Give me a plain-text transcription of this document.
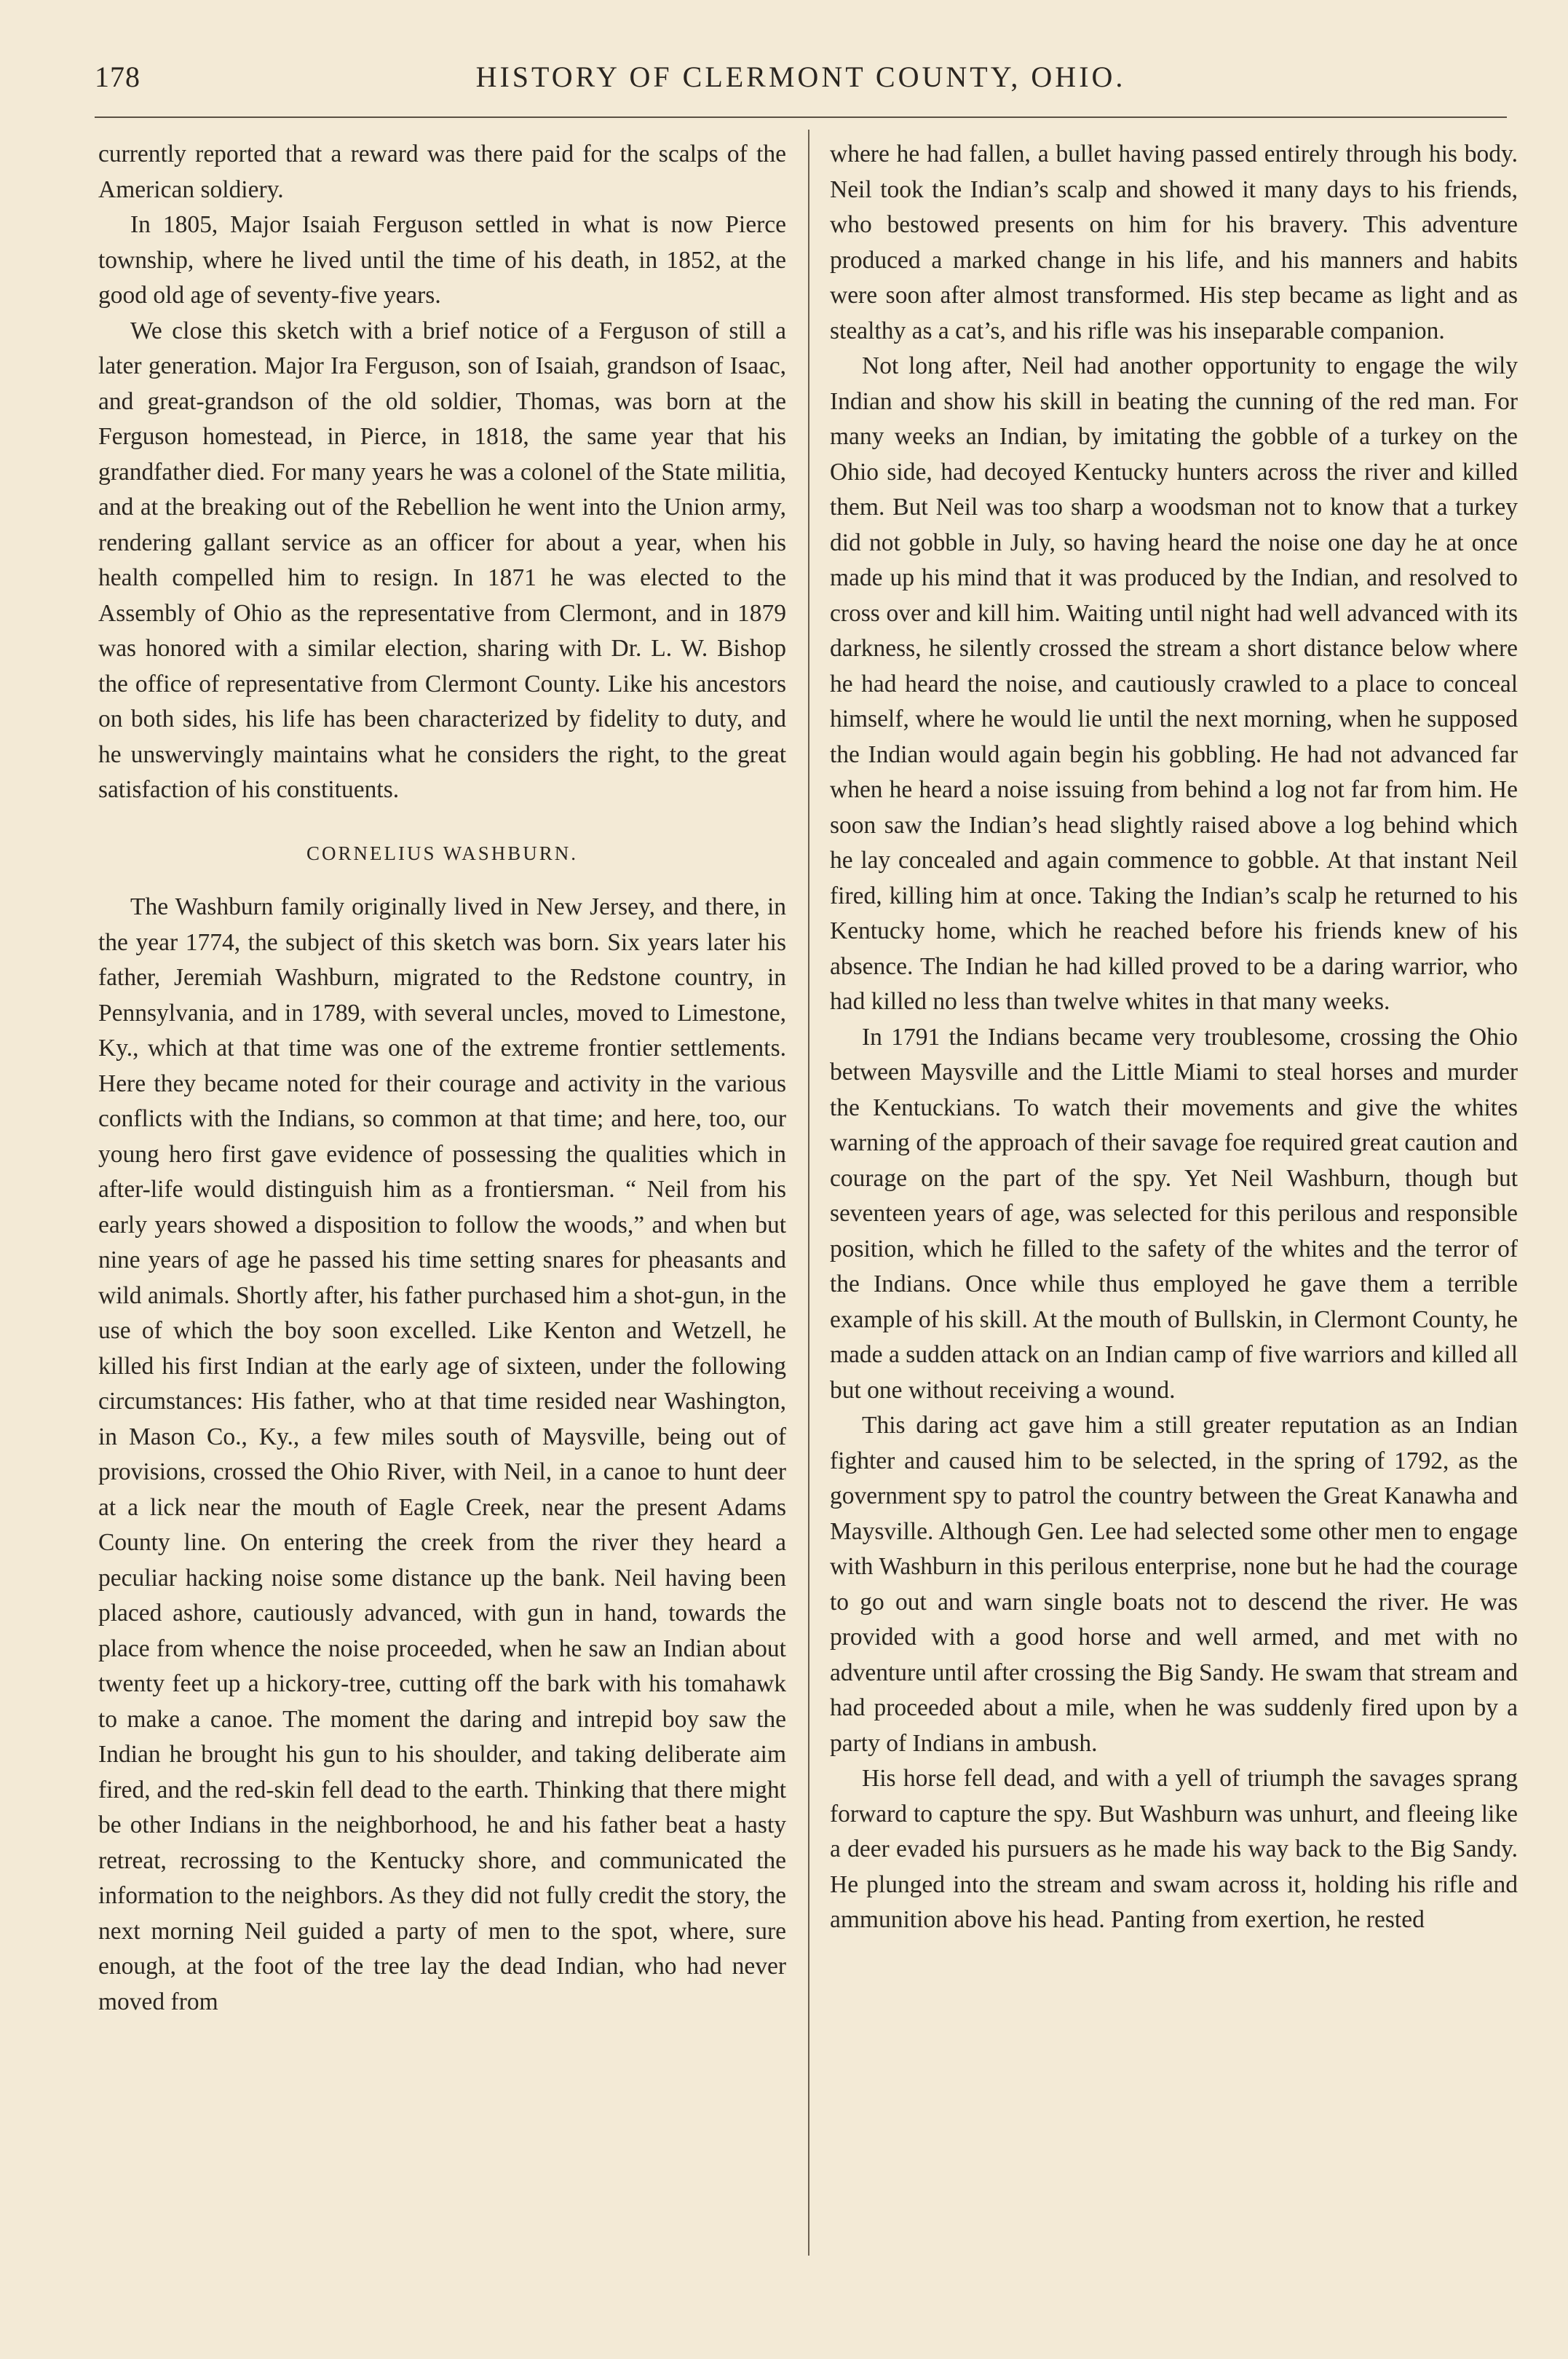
178	HISTORY OF CLERMONT COUNTY, OHIO.

currently reported that a reward was there paid for the scalps of the American soldiery.

In 1805, Major Isaiah Ferguson settled in what is now Pierce township, where he lived until the time of his death, in 1852, at the good old age of seventy-five years.

We close this sketch with a brief notice of a Ferguson of still a later generation. Major Ira Ferguson, son of Isaiah, grandson of Isaac, and great-grandson of the old soldier, Thomas, was born at the Ferguson homestead, in Pierce, in 1818, the same year that his grandfather died. For many years he was a colonel of the State militia, and at the breaking out of the Rebellion he went into the Union army, rendering gallant service as an officer for about a year, when his health compelled him to resign. In 1871 he was elected to the Assembly of Ohio as the representative from Clermont, and in 1879 was honored with a similar election, sharing with Dr. L. W. Bishop the office of representative from Clermont County. Like his ancestors on both sides, his life has been characterized by fidelity to duty, and he unswervingly maintains what he considers the right, to the great satisfaction of his constituents.

CORNELIUS WASHBURN.

The Washburn family originally lived in New Jersey, and there, in the year 1774, the subject of this sketch was born. Six years later his father, Jeremiah Washburn, migrated to the Redstone country, in Pennsylvania, and in 1789, with several uncles, moved to Limestone, Ky., which at that time was one of the extreme frontier settlements. Here they became noted for their courage and activity in the various conflicts with the Indians, so common at that time; and here, too, our young hero first gave evidence of possessing the qualities which in after-life would distinguish him as a frontiersman. “ Neil from his early years showed a disposition to follow the woods,” and when but nine years of age he passed his time setting snares for pheasants and wild animals. Shortly after, his father purchased him a shot-gun, in the use of which the boy soon excelled. Like Kenton and Wetzell, he killed his first Indian at the early age of sixteen, under the following circumstances: His father, who at that time resided near Washington, in Mason Co., Ky., a few miles south of Maysville, being out of provisions, crossed the Ohio River, with Neil, in a canoe to hunt deer at a lick near the mouth of Eagle Creek, near the present Adams County line. On entering the creek from the river they heard a peculiar hacking noise some distance up the bank. Neil having been placed ashore, cautiously advanced, with gun in hand, towards the place from whence the noise proceeded, when he saw an Indian about twenty feet up a hickory-tree, cutting off the bark with his tomahawk to make a canoe. The moment the daring and intrepid boy saw the Indian he brought his gun to his shoulder, and taking deliberate aim fired, and the red-skin fell dead to the earth. Thinking that there might be other Indians in the neighborhood, he and his father beat a hasty retreat, recrossing to the Kentucky shore, and communicated the information to the neighbors. As they did not fully credit the story, the next morning Neil guided a party of men to the spot, where, sure enough, at the foot of the tree lay the dead Indian, who had never moved from

where he had fallen, a bullet having passed entirely through his body. Neil took the Indian’s scalp and showed it many days to his friends, who bestowed presents on him for his bravery. This adventure produced a marked change in his life, and his manners and habits were soon after almost transformed. His step became as light and as stealthy as a cat’s, and his rifle was his inseparable companion.

Not long after, Neil had another opportunity to engage the wily Indian and show his skill in beating the cunning of the red man. For many weeks an Indian, by imitating the gobble of a turkey on the Ohio side, had decoyed Kentucky hunters across the river and killed them. But Neil was too sharp a woodsman not to know that a turkey did not gobble in July, so having heard the noise one day he at once made up his mind that it was produced by the Indian, and resolved to cross over and kill him. Waiting until night had well advanced with its darkness, he silently crossed the stream a short distance below where he had heard the noise, and cautiously crawled to a place to conceal himself, where he would lie until the next morning, when he supposed the Indian would again begin his gobbling. He had not advanced far when he heard a noise issuing from behind a log not far from him. He soon saw the Indian’s head slightly raised above a log behind which he lay concealed and again commence to gobble. At that instant Neil fired, killing him at once. Taking the Indian’s scalp he returned to his Kentucky home, which he reached before his friends knew of his absence. The Indian he had killed proved to be a daring warrior, who had killed no less than twelve whites in that many weeks.

In 1791 the Indians became very troublesome, crossing the Ohio between Maysville and the Little Miami to steal horses and murder the Kentuckians. To watch their movements and give the whites warning of the approach of their savage foe required great caution and courage on the part of the spy. Yet Neil Washburn, though but seventeen years of age, was selected for this perilous and responsible position, which he filled to the safety of the whites and the terror of the Indians. Once while thus employed he gave them a terrible example of his skill. At the mouth of Bullskin, in Clermont County, he made a sudden attack on an Indian camp of five warriors and killed all but one without receiving a wound.

This daring act gave him a still greater reputation as an Indian fighter and caused him to be selected, in the spring of 1792, as the government spy to patrol the country between the Great Kanawha and Maysville. Although Gen. Lee had selected some other men to engage with Washburn in this perilous enterprise, none but he had the courage to go out and warn single boats not to descend the river. He was provided with a good horse and well armed, and met with no adventure until after crossing the Big Sandy. He swam that stream and had proceeded about a mile, when he was suddenly fired upon by a party of Indians in ambush.

His horse fell dead, and with a yell of triumph the savages sprang forward to capture the spy. But Washburn was unhurt, and fleeing like a deer evaded his pursuers as he made his way back to the Big Sandy. He plunged into the stream and swam across it, holding his rifle and ammunition above his head. Panting from exertion, he rested
